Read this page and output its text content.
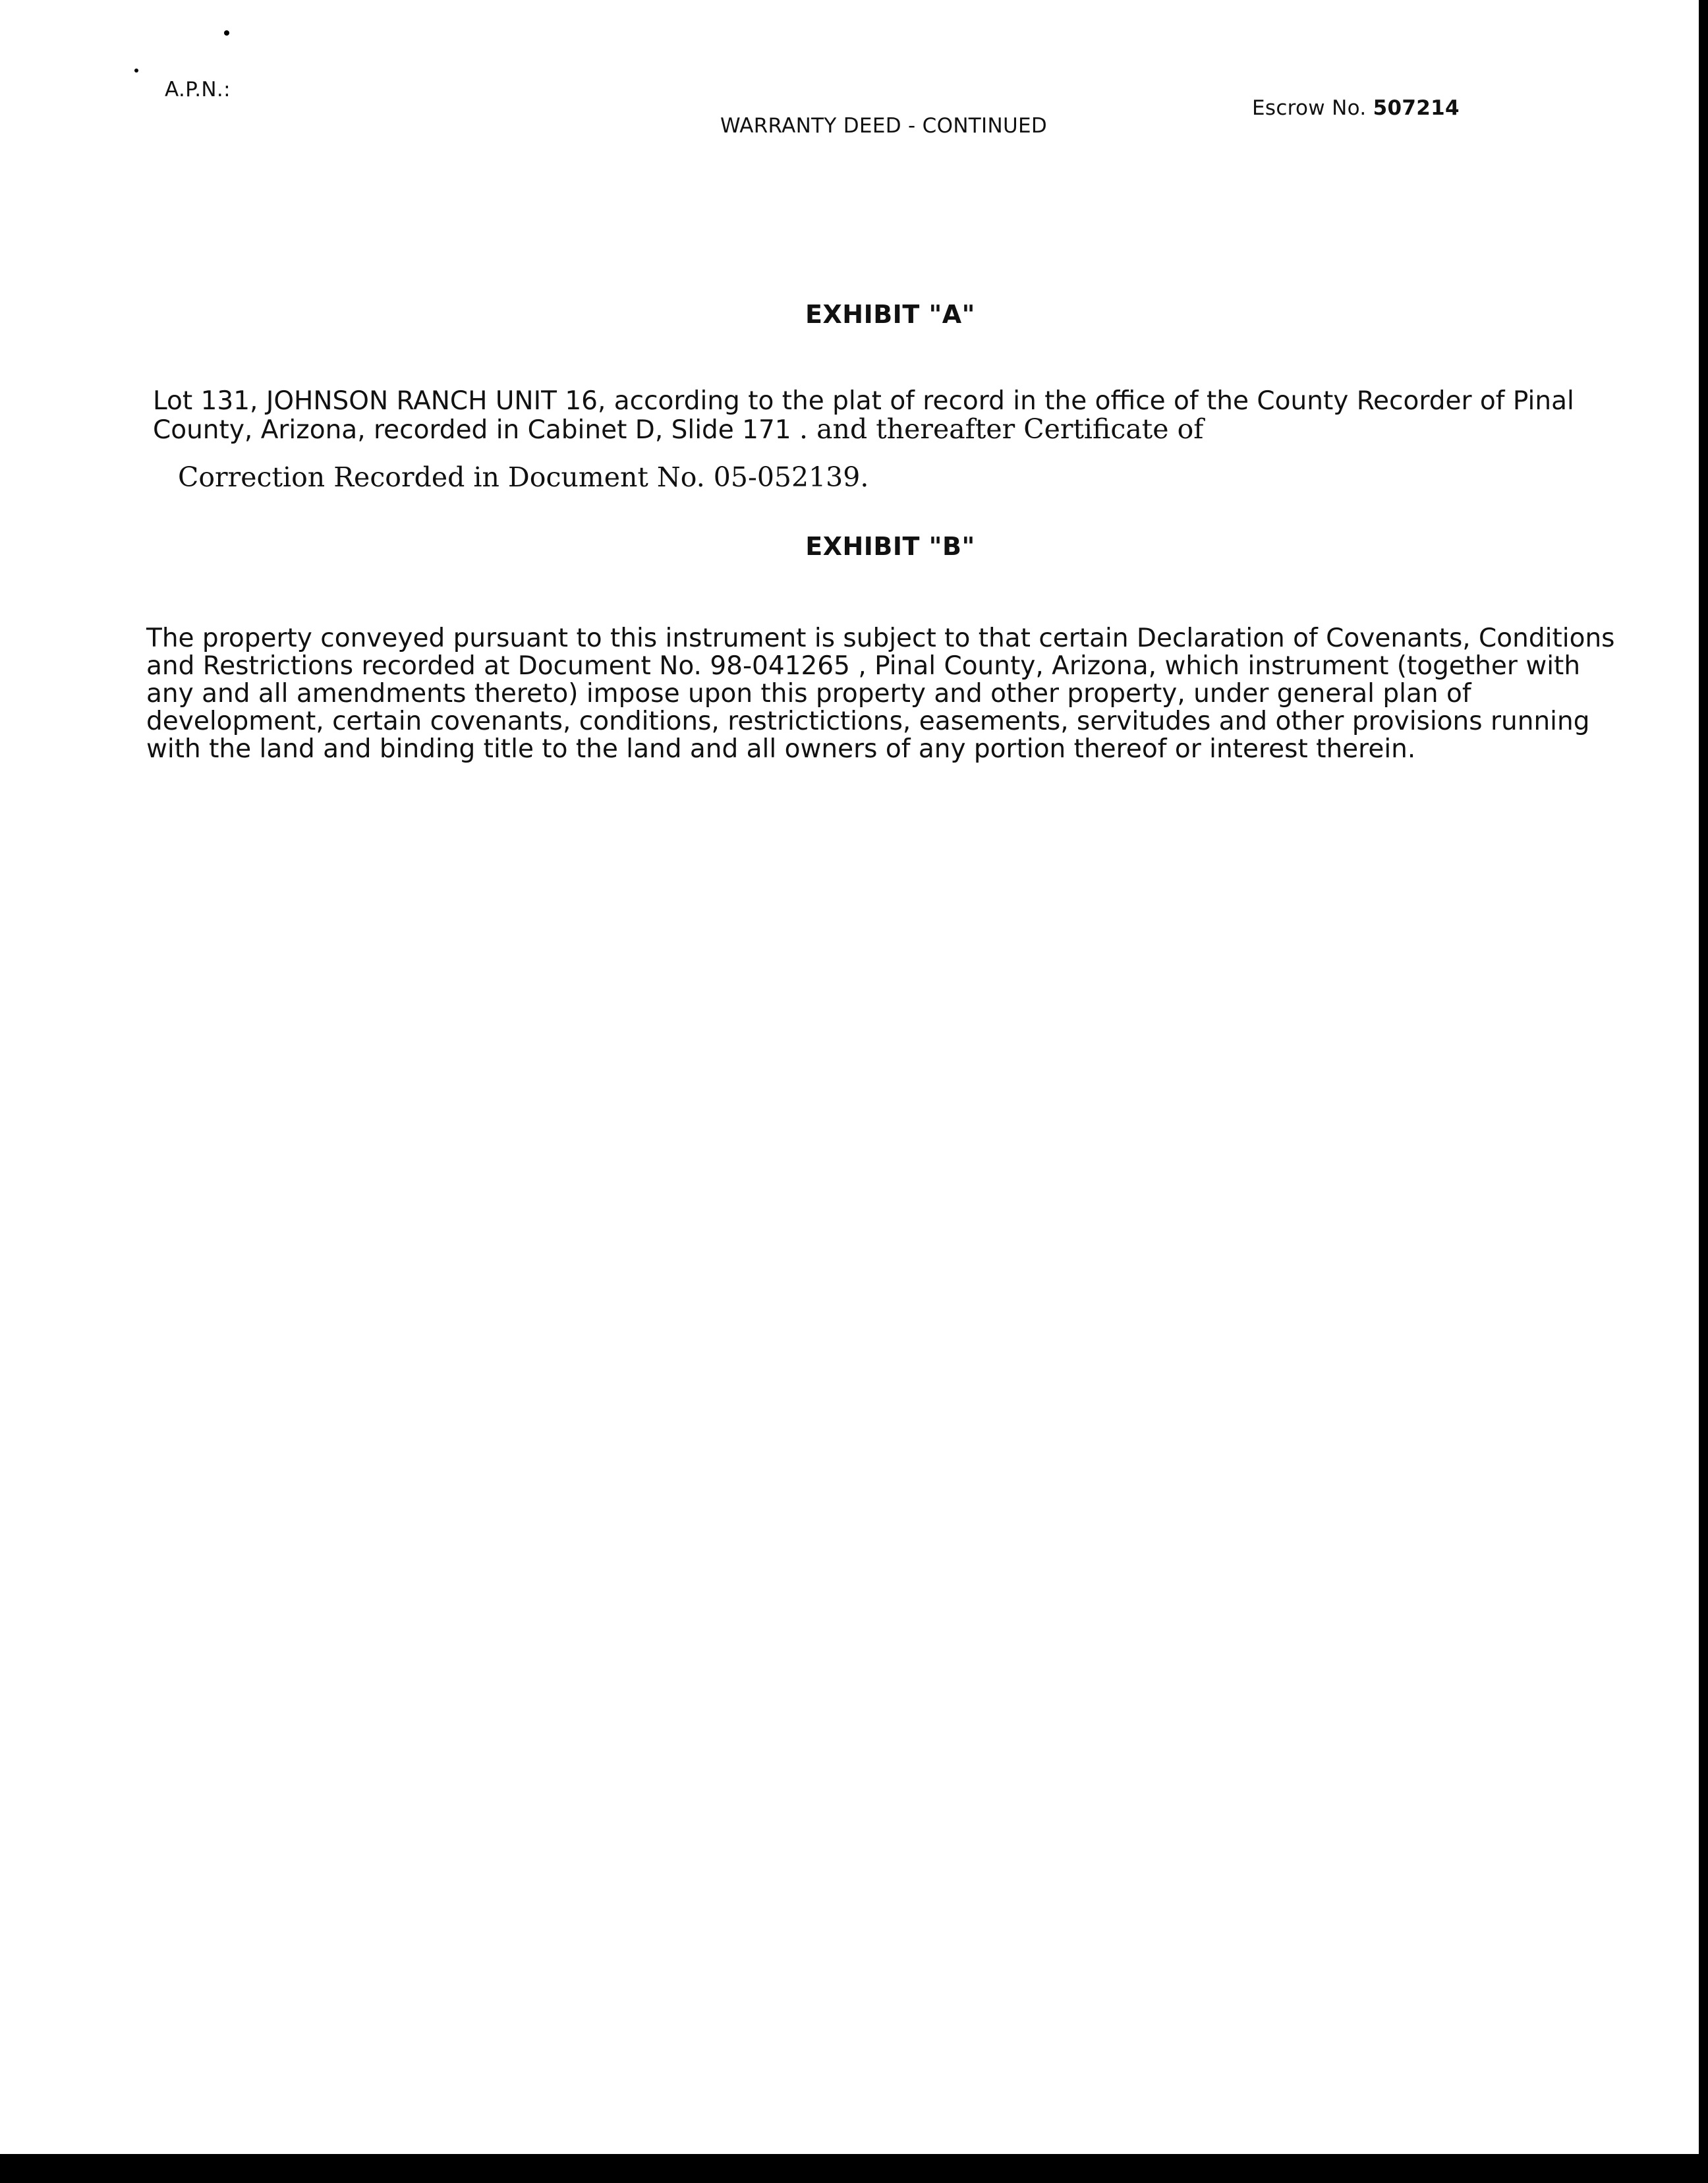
A.P.N.:
WARRANTY DEED - CONTINUED
Escrow No. 507214
EXHIBIT "A"
Lot 131, JOHNSON RANCH UNIT 16, according to the plat of record in the office of the County Recorder of Pinal
County, Arizona, recorded in Cabinet D, Slide 171 . and thereafter Certificate of
Correction Recorded in Document No. 05-052139.
EXHIBIT "B"
The property conveyed pursuant to this instrument is subject to that certain Declaration of Covenants, Conditions
and Restrictions recorded at Document No. 98-041265 , Pinal County, Arizona, which instrument (together with
any and all amendments thereto) impose upon this property and other property, under general plan of
development, certain covenants, conditions, restrictictions, easements, servitudes and other provisions running
with the land and binding title to the land and all owners of any portion thereof or interest therein.
